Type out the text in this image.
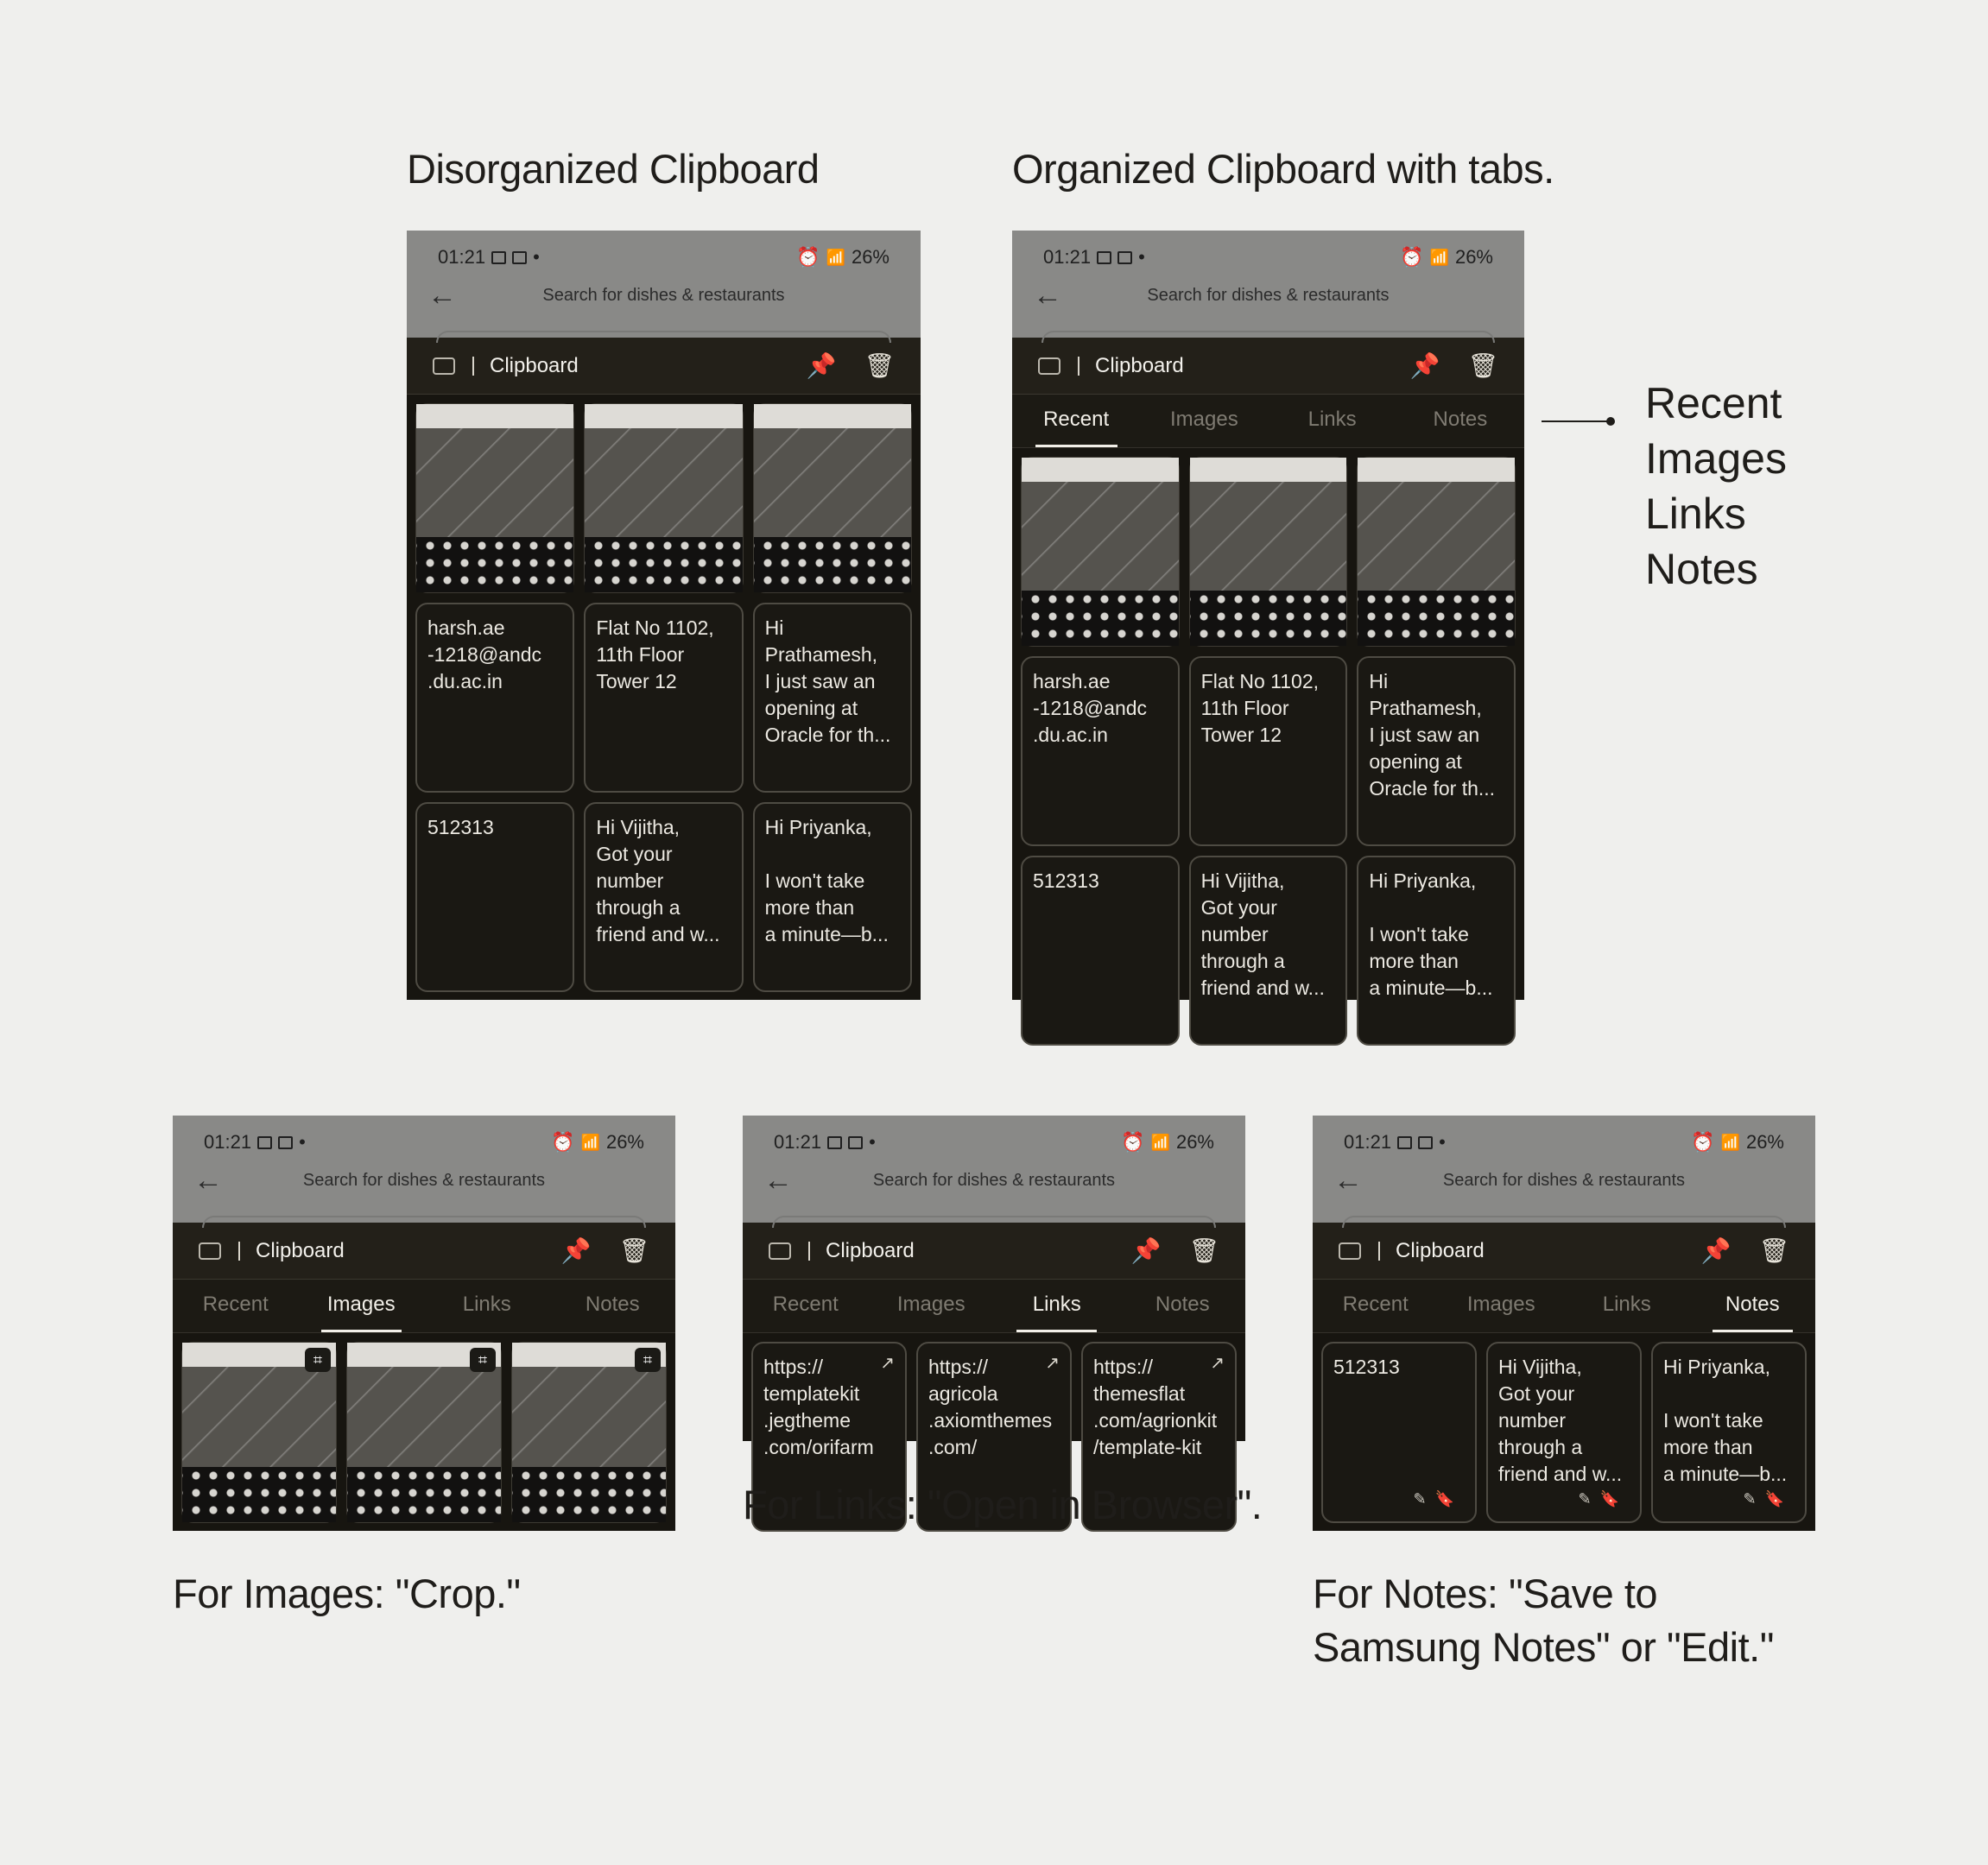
Disorganized Clipboard	Organized Clipboard with tabs.
Recent
Images
Links
Notes
01:21	•	⏰ 📶 26%
←	Search for dishes & restaurants
Clipboard	📌 🗑
harsh.ae
-1218@andc
.du.ac.in
Flat No 1102,
11th Floor
Tower 12
Hi
Prathamesh,
I just saw an
opening at
Oracle for th...
512313	Hi Vijitha,
Got your
number
through a
friend and w...
Hi Priyanka,
I won't take
more than
a minute—b...
01:21	•	⏰ 📶 26%
←	Search for dishes & restaurants
Clipboard	📌 🗑
Recent	Images	Links	Notes
harsh.ae
-1218@andc
.du.ac.in
Flat No 1102,
11th Floor
Tower 12
Hi
Prathamesh,
I just saw an
opening at
Oracle for th...
512313	Hi Vijitha,
Got your
number
through a
friend and w...
Hi Priyanka,
I won't take
more than
a minute—b...
01:21	•	⏰ 📶 26%
←	Search for dishes & restaurants
Clipboard	📌 🗑
Recent	Images	Links	Notes
⌗	⌗	⌗
For Images: "Crop."
01:21	•	⏰ 📶 26%
←	Search for dishes & restaurants
Clipboard	📌 🗑
Recent	Images	Links	Notes
↗
https://
templatekit
.jegtheme
.com/orifarm
↗
https://
agricola
.axiomthemes
.com/
↗
https://
themesflat
.com/agrionkit
/template-kit
For Links: "Open in Browser".
01:21	•	⏰ 📶 26%
←	Search for dishes & restaurants
Clipboard	📌 🗑
Recent	Images	Links	Notes
512313
✎🔖
Hi Vijitha,
Got your
number
through a
friend and w...
✎🔖
Hi Priyanka,
I won't take
more than
a minute—b...
✎🔖
For Notes: "Save to
Samsung Notes" or "Edit."
